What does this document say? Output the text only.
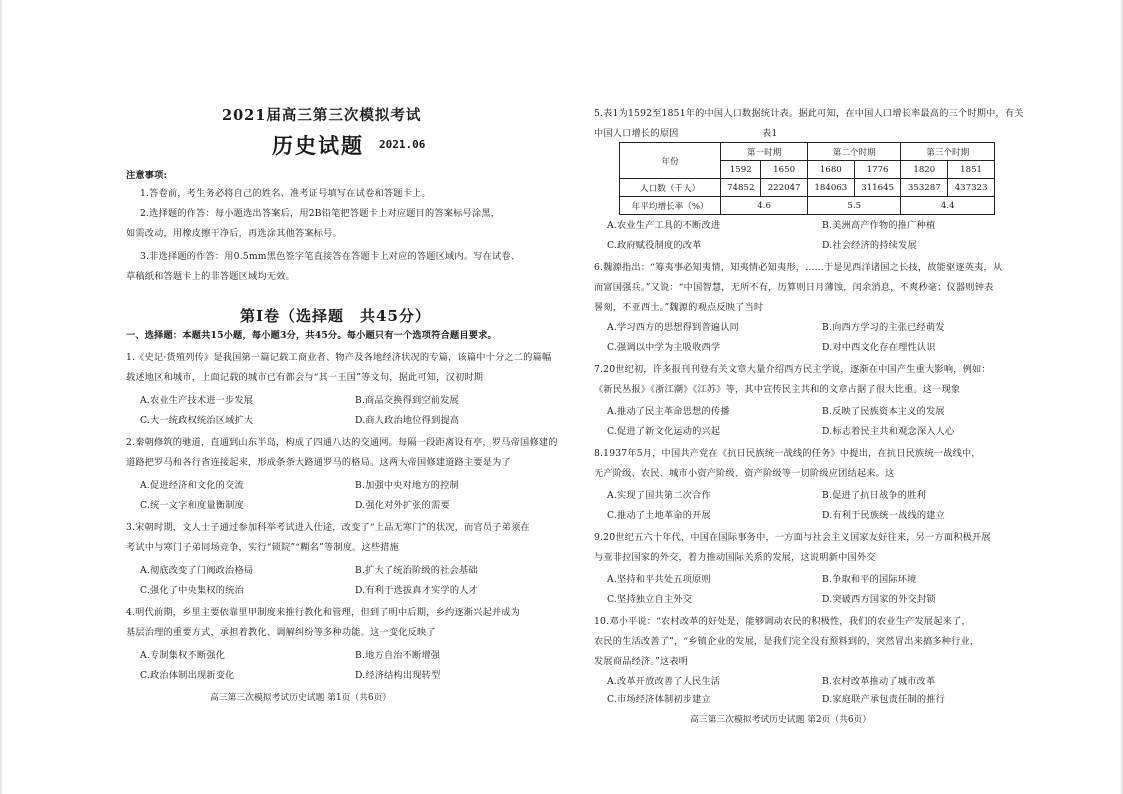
2021届高三第三次模拟考试
历史试题 2021.06
注意事项:
1.答卷前，考生务必将自己的姓名、准考证号填写在试卷和答题卡上。
2.选择题的作答：每小题选出答案后，用2B铅笔把答题卡上对应题目的答案标号涂黑，
如需改动，用橡皮擦干净后，再选涂其他答案标号。
3.非选择题的作答：用0.5mm黑色签字笔直接答在答题卡上对应的答题区域内。写在试卷、
草稿纸和答题卡上的非答题区域均无效。
第Ⅰ卷（选择题　共45分）
一、选择题：本题共15小题，每小题3分，共45分。每小题只有一个选项符合题目要求。
1.《史记·货殖列传》是我国第一篇记载工商业者、物产及各地经济状况的专篇，该篇中十分之二的篇幅
载述地区和城市，上面记载的城市已有都会与“其一王国”等文句，据此可知，汉初时期
A.农业生产技术进一步发展	B.商品交换得到空前发展
C.大一统政权统治区域扩大	D.商人政治地位得到提高
2.秦朝修筑的驰道，直通到山东半岛，构成了四通八达的交通网。每隔一段距离设有亭，罗马帝国修建的
道路把罗马和各行省连接起来，形成条条大路通罗马的格局。这两大帝国修建道路主要是为了
A.促进经济和文化的交流	B.加强中央对地方的控制
C.统一文字和度量衡制度	D.强化对外扩张的需要
3.宋朝时期，文人士子通过参加科举考试进入仕途，改变了“上品无寒门”的状况，而官员子弟须在
考试中与寒门子弟同场竞争，实行“锁院”“糊名”等制度。这些措施
A.彻底改变了门阀政治格局	B.扩大了统治阶级的社会基础
C.强化了中央集权的统治	D.有利于选拔真才实学的人才
4.明代前期，乡里主要依靠里甲制度来推行教化和管理，但到了明中后期，乡约逐渐兴起并成为
基层治理的重要方式，承担着教化、调解纠纷等多种功能。这一变化反映了
A.专制集权不断强化	B.地方自治不断增强
C.政治体制出现新变化	D.经济结构出现转型
高三第三次模拟考试历史试题 第1页（共6页）
5.表1为1592至1851年的中国人口数据统计表。据此可知，在中国人口增长率最高的三个时期中，有关
中国人口增长的原因	表1
年份	第一时期		第二个时期		第三个时期	
	1592	1650	1680	1776	1820	1851
人口数（千人）	74852	222047	184063	311645	353287	437323
年平均增长率（%）	4.6		5.5		4.4	
A.农业生产工具的不断改进	B.美洲高产作物的推广种植
C.政府赋役制度的改革	D.社会经济的持续发展
6.魏源指出：“筹夷事必知夷情，知夷情必知夷形，……于是见西洋诸国之长技，故能驱逐英夷，从
而富国强兵。”又说：“中国智慧，无所不有，历算则日月薄蚀，闰余消息，不爽秒毫；仪器则钟表
晷刻，不亚西土。”魏源的观点反映了当时
A.学习西方的思想得到普遍认同	B.向西方学习的主张已经萌发
C.强调以中学为主吸收西学	D.对中西文化存在理性认识
7.20世纪初，许多报刊刊登有关文章大量介绍西方民主学说，逐渐在中国产生重大影响，例如：
《新民丛报》《浙江潮》《江苏》等，其中宣传民主共和的文章占据了很大比重。这一现象
A.推动了民主革命思想的传播	B.反映了民族资本主义的发展
C.促进了新文化运动的兴起	D.标志着民主共和观念深入人心
8.1937年5月，中国共产党在《抗日民族统一战线的任务》中提出，在抗日民族统一战线中，
无产阶级、农民、城市小资产阶级、资产阶级等一切阶级应团结起来。这
A.实现了国共第二次合作	B.促进了抗日战争的胜利
C.推动了土地革命的开展	D.有利于民族统一战线的建立
9.20世纪五六十年代，中国在国际事务中，一方面与社会主义国家友好往来，另一方面积极开展
与亚非拉国家的外交，着力推动国际关系的发展，这说明新中国外交
A.坚持和平共处五项原则	B.争取和平的国际环境
C.坚持独立自主外交	D.突破西方国家的外交封锁
10.邓小平说：“农村改革的好处是，能够调动农民的积极性，我们的农业生产发展起来了，
农民的生活改善了”，“乡镇企业的发展，是我们完全没有预料到的，突然冒出来搞多种行业，
发展商品经济。”这表明
A.改革开放改善了人民生活	B.农村改革推动了城市改革
C.市场经济体制初步建立	D.家庭联产承包责任制的推行
高三第三次模拟考试历史试题 第2页（共6页）
